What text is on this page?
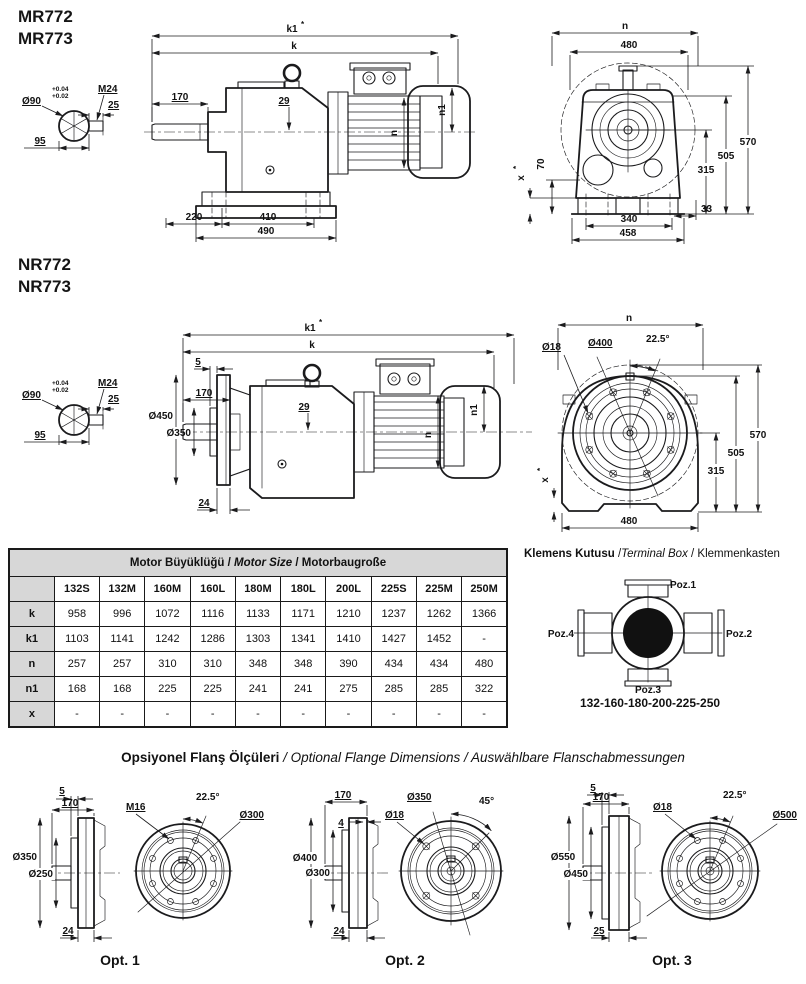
MR772
MR773
Ø90
+0.04
+0.02
M24
25
95
k1 *
k
170	29
n
n1
220	410
490
n
480
315
505
570
70
x
*
340
33
458
NR772
NR773
Ø90
+0.04
+0.02
M24
25
95
k1
*
k
5
170
29
Ø450
Ø350
24
n
n1
n
Ø18	Ø400	22.5°
315
505
570
x
*
480
Motor Büyüklüğü / Motor Size / Motorbaugroße										
	132S	132M	160M	160L	180M	180L	200L	225S	225M	250M
k	958	996	1072	1116	1133	1171	1210	1237	1262	1366
k1	1103	1141	1242	1286	1303	1341	1410	1427	1452	-
n	257	257	310	310	348	348	390	434	434	480
n1	168	168	225	225	241	241	275	285	285	322
x	-	-	-	-	-	-	-	-	-	-
Klemens Kutusu /Terminal Box / Klemmenkasten
Poz.1
Poz.2
Poz.3
Poz.4
132-160-180-200-225-250
Opsiyonel Flanş Ölçüleri / Optional Flange Dimensions / Auswählbare Flanschabmessungen
5
170
Ø350
Ø250
24
M16
22.5°
Ø300
170
4
Ø400
Ø300
24
Ø350
Ø18
45°
5
170
Ø550
Ø450
25
Ø18
22.5°
Ø500
Opt. 1	Opt. 2	Opt. 3
